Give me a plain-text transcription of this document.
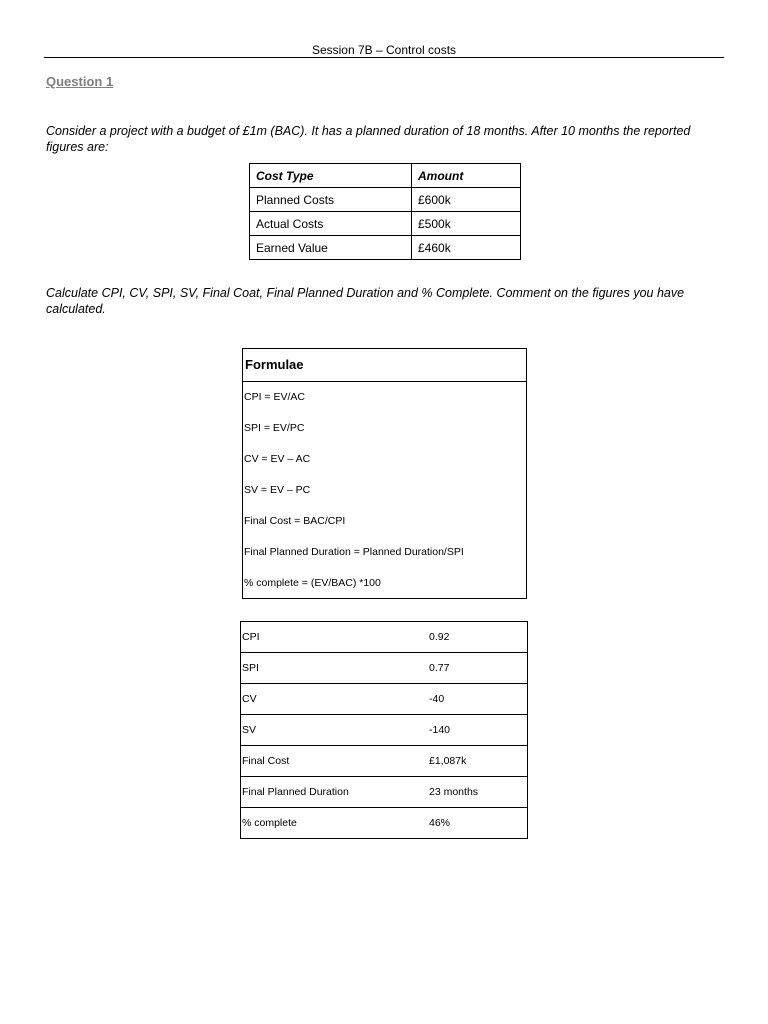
Session 7B – Control costs
Question 1
Consider a project with a budget of £1m (BAC). It has a planned duration of 18 months. After 10 months the reported figures are:
Cost Type	Amount
Planned Costs	£600k
Actual Costs	£500k
Earned Value	£460k
Calculate CPI, CV, SPI, SV, Final Coat, Final Planned Duration and % Complete. Comment on the figures you have calculated.
Formulae
CPI = EV/AC
SPI = EV/PC
CV = EV – AC
SV = EV – PC
Final Cost = BAC/CPI
Final Planned Duration = Planned Duration/SPI
% complete = (EV/BAC) *100
CPI	0.92
SPI	0.77
CV	-40
SV	-140
Final Cost	£1,087k
Final Planned Duration	23 months
% complete	46%
